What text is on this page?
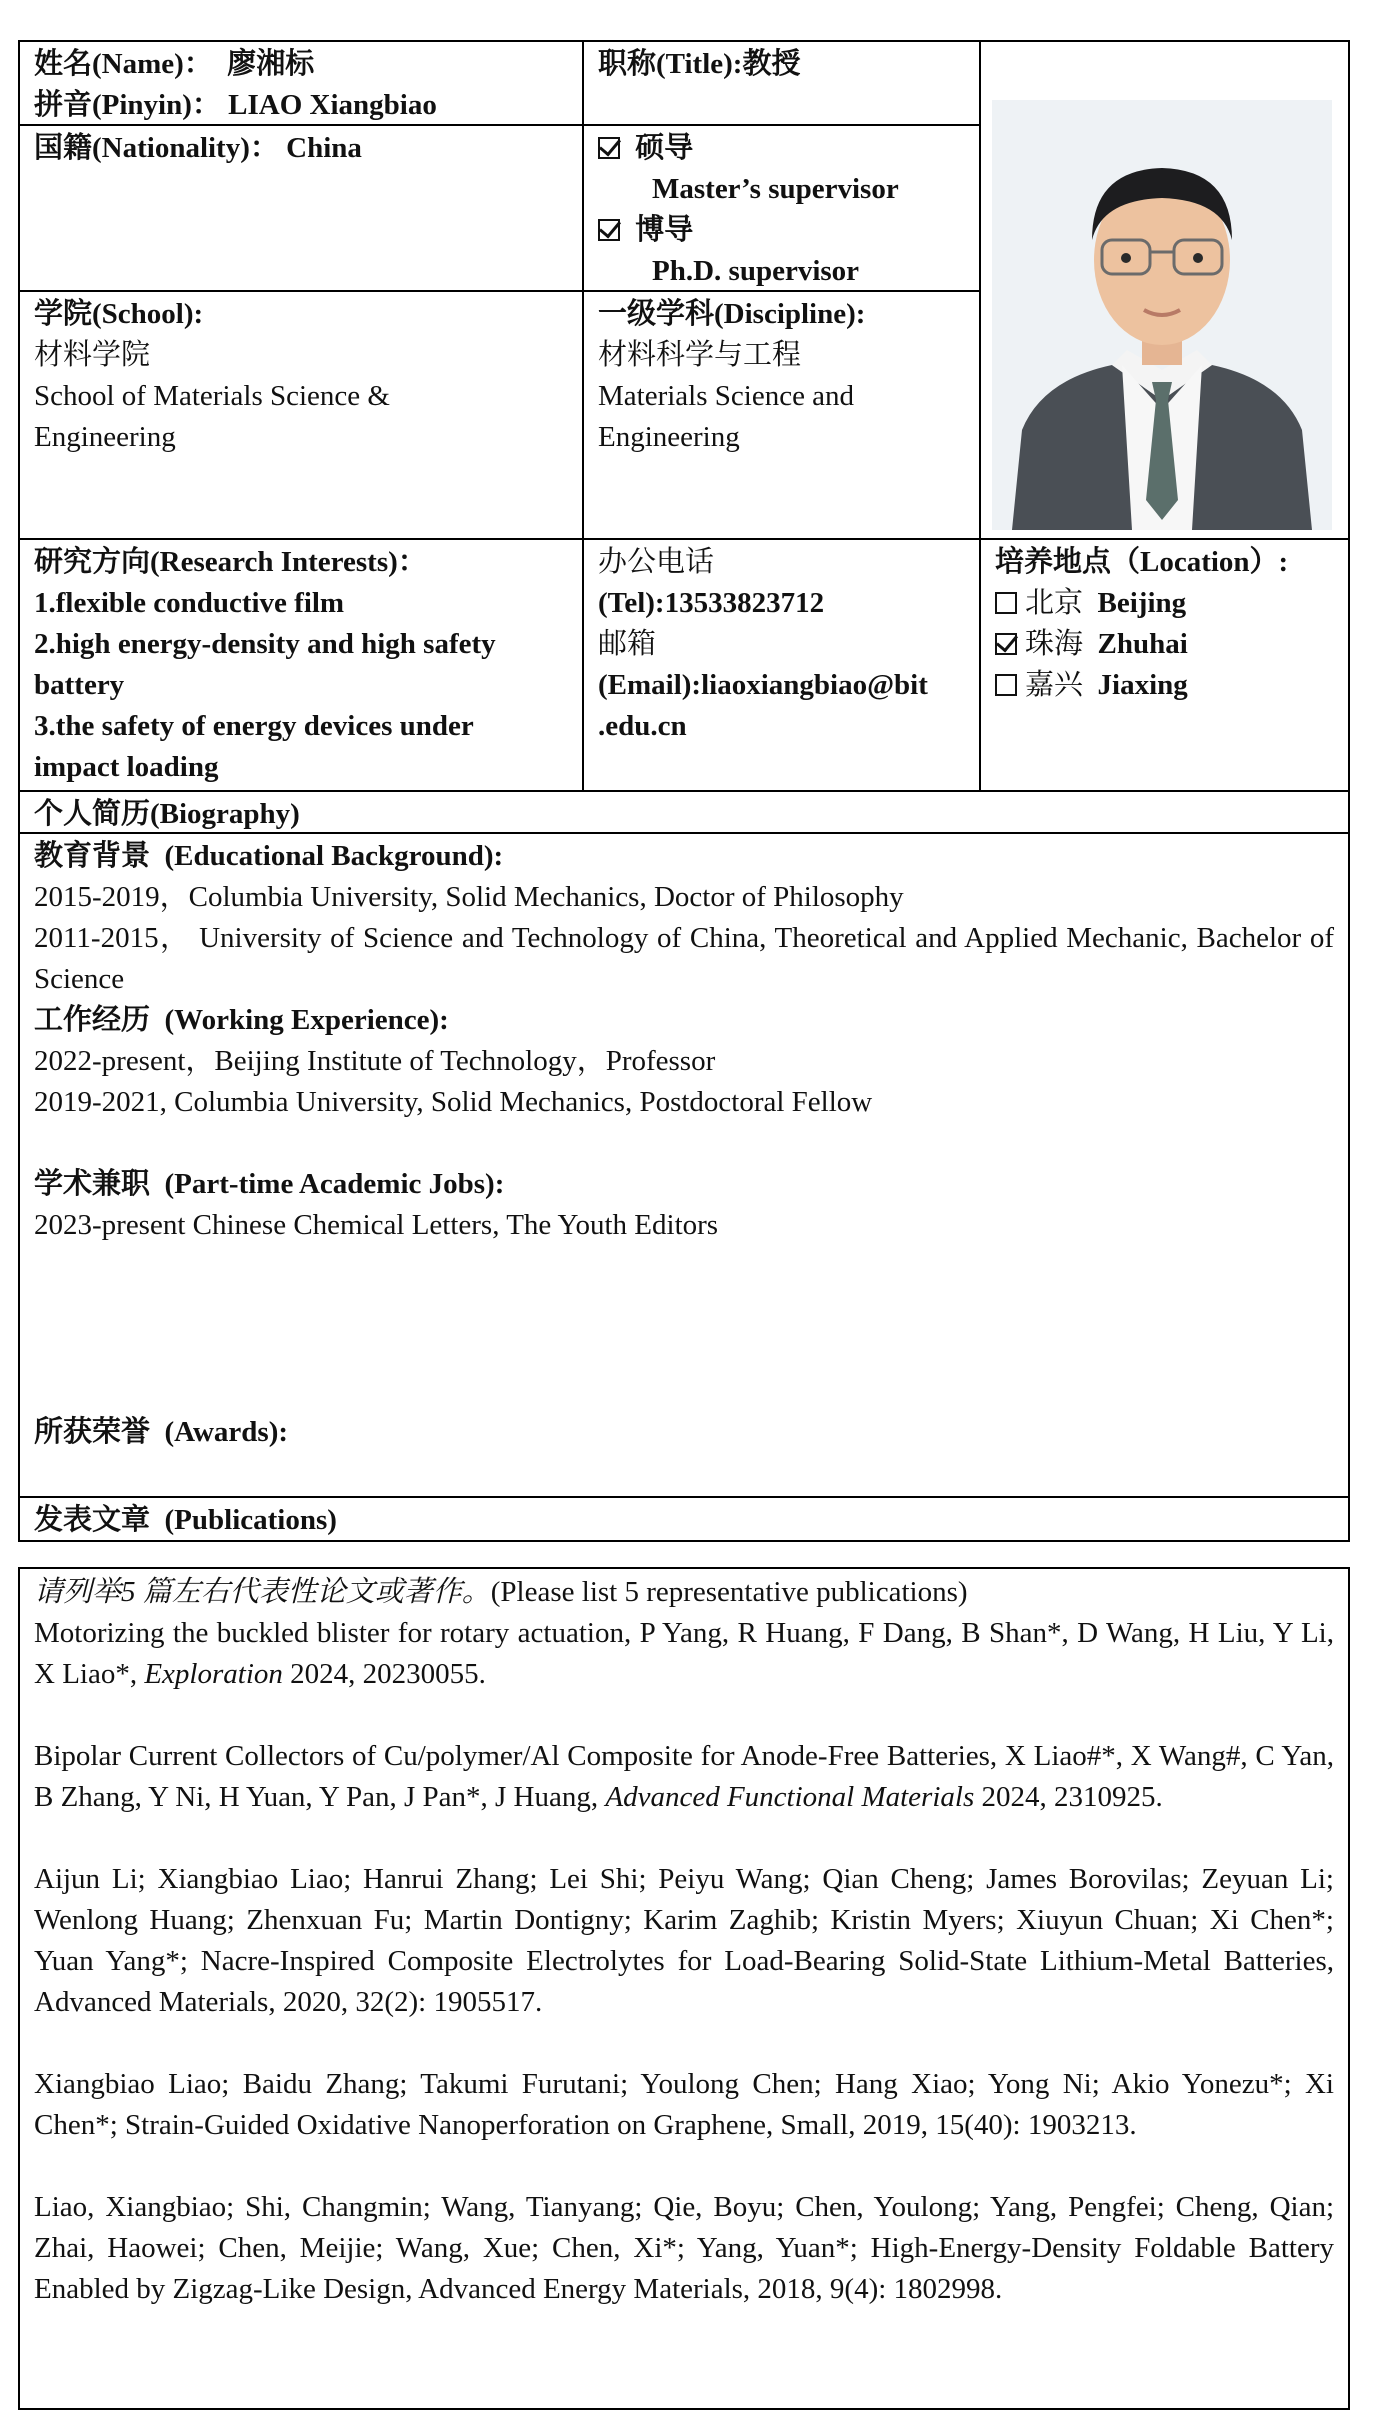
姓名(Name)： 廖湘标
拼音(Pinyin)： LIAO Xiangbiao
职称(Title):教授
国籍(Nationality)： China	硕导
Master’s supervisor
博导
Ph.D. supervisor
学院(School):
材料学院
School of Materials Science &
Engineering
一级学科(Discipline):
材料科学与工程
Materials Science and
Engineering
研究方向(Research Interests)：
1.flexible conductive film
2.high energy-density and high safety
battery
3.the safety of energy devices under
impact loading
办公电话
(Tel):13533823712
邮箱
(Email):liaoxiangbiao@bit
.edu.cn
培养地点（Location）:
北京 Beijing
珠海 Zhuhai
嘉兴 Jiaxing
个人简历(Biography)
教育背景 (Educational Background):
2015-2019，Columbia University, Solid Mechanics, Doctor of Philosophy
2011-2015， University of Science and Technology of China, Theoretical and Applied Mechanic, Bachelor of Science
工作经历 (Working Experience):
2022-present，Beijing Institute of Technology，Professor
2019-2021, Columbia University, Solid Mechanics, Postdoctoral Fellow
学术兼职 (Part-time Academic Jobs):
2023-present Chinese Chemical Letters, The Youth Editors
所获荣誉 (Awards):
发表文章 (Publications)
请列举5 篇左右代表性论文或著作。(Please list 5 representative publications)
Motorizing the buckled blister for rotary actuation, P Yang, R Huang, F Dang, B Shan*, D Wang, H Liu, Y Li, X Liao*, Exploration 2024, 20230055.
Bipolar Current Collectors of Cu/polymer/Al Composite for Anode‐Free Batteries, X Liao#*, X Wang#, C Yan, B Zhang, Y Ni, H Yuan, Y Pan, J Pan*, J Huang, Advanced Functional Materials 2024, 2310925.
Aijun Li; Xiangbiao Liao; Hanrui Zhang; Lei Shi; Peiyu Wang; Qian Cheng; James Borovilas; Zeyuan Li; Wenlong Huang; Zhenxuan Fu; Martin Dontigny; Karim Zaghib; Kristin Myers; Xiuyun Chuan; Xi Chen*; Yuan Yang*; Nacre‐Inspired Composite Electrolytes for Load‐Bearing Solid‐State Lithium‐Metal Batteries, Advanced Materials, 2020, 32(2): 1905517.
Xiangbiao Liao; Baidu Zhang; Takumi Furutani; Youlong Chen; Hang Xiao; Yong Ni; Akio Yonezu*; Xi Chen*; Strain‐Guided Oxidative Nanoperforation on Graphene, Small, 2019, 15(40): 1903213.
Liao, Xiangbiao; Shi, Changmin; Wang, Tianyang; Qie, Boyu; Chen, Youlong; Yang, Pengfei; Cheng, Qian; Zhai, Haowei; Chen, Meijie; Wang, Xue; Chen, Xi*; Yang, Yuan*; High-Energy-Density Foldable Battery Enabled by Zigzag-Like Design, Advanced Energy Materials, 2018, 9(4): 1802998.
